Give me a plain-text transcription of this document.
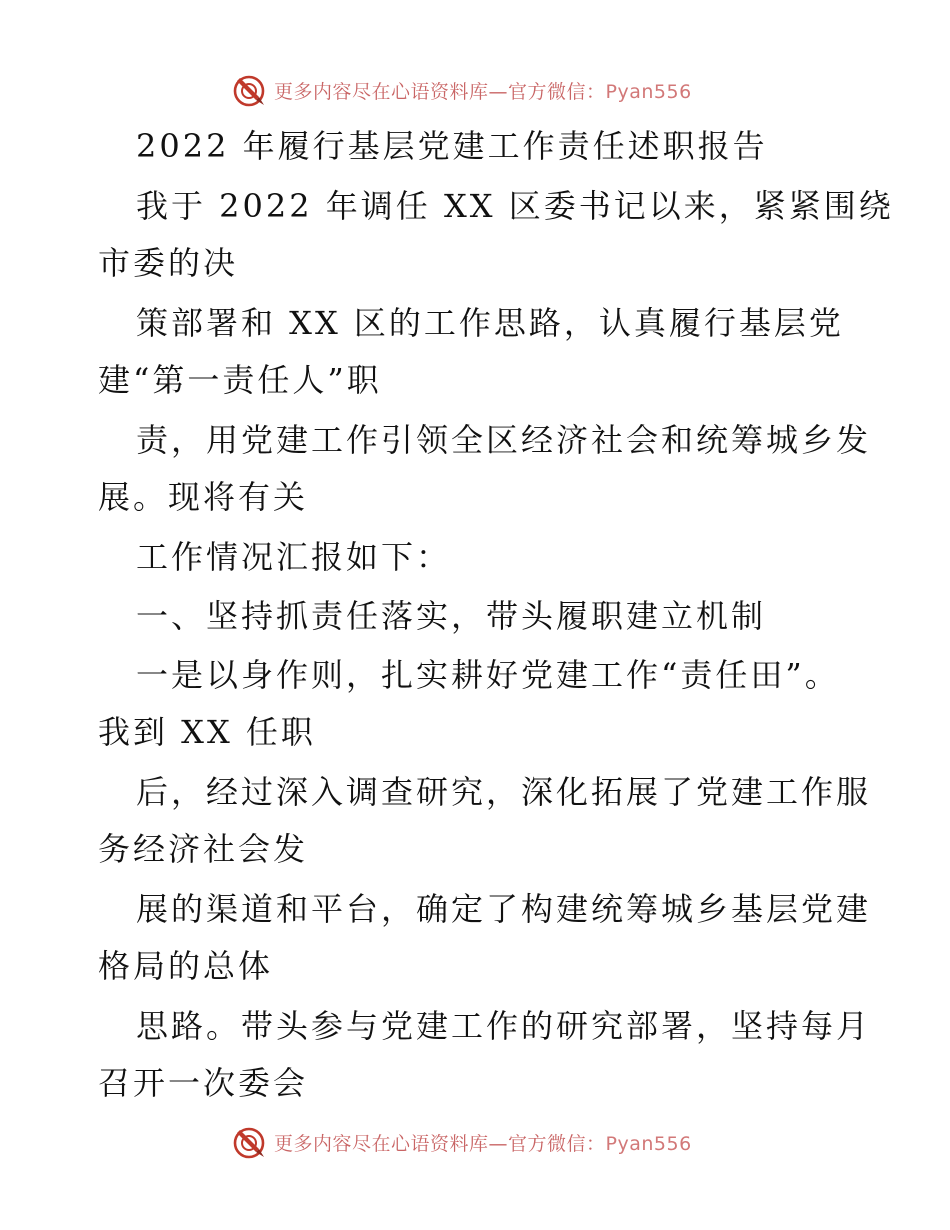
更多内容尽在心语资料库—官方微信：Pyan556
2022 年履行基层党建工作责任述职报告
我于 2022 年调任 XX 区委书记以来，紧紧围绕
市委的决
策部署和 XX 区的工作思路，认真履行基层党
建“第一责任人”职
责，用党建工作引领全区经济社会和统筹城乡发
展。现将有关
工作情况汇报如下：
一、坚持抓责任落实，带头履职建立机制
一是以身作则，扎实耕好党建工作“责任田”。
我到 XX 任职
后，经过深入调查研究，深化拓展了党建工作服
务经济社会发
展的渠道和平台，确定了构建统筹城乡基层党建
格局的总体
思路。带头参与党建工作的研究部署，坚持每月
召开一次委会
更多内容尽在心语资料库—官方微信：Pyan556
